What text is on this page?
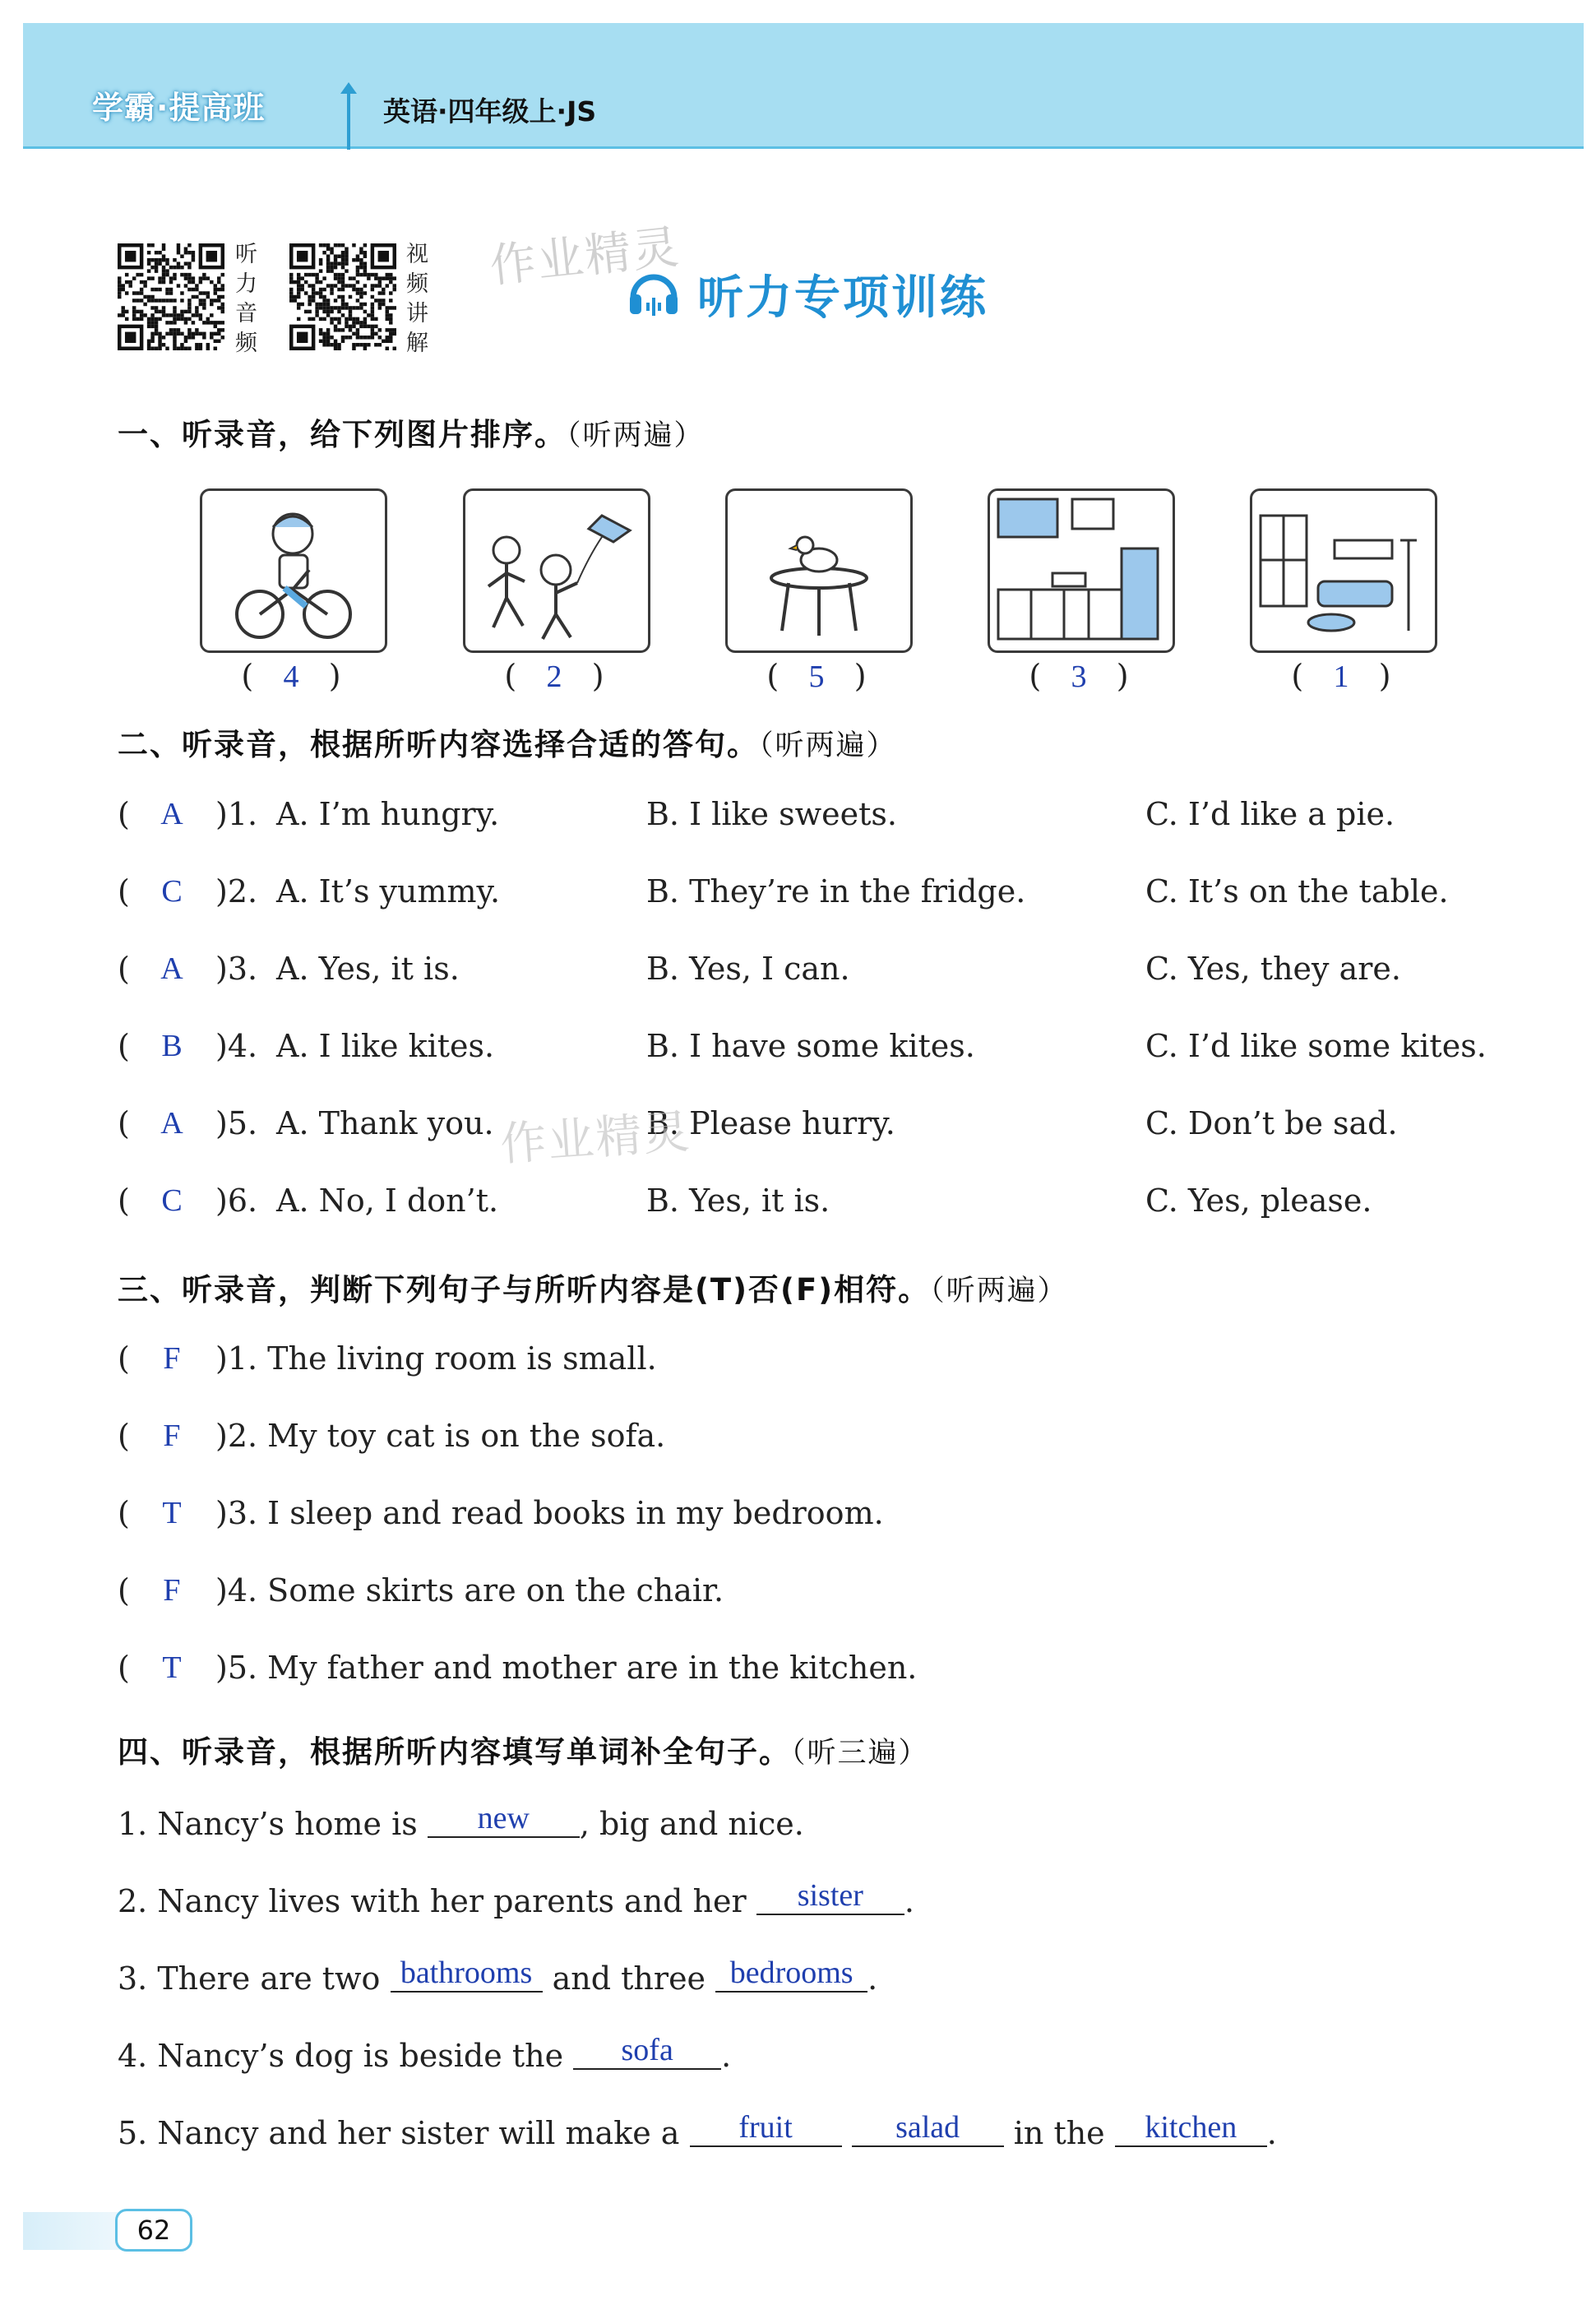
学霸·提高班	英语·四年级上·JS
听力音频
视频讲解
作业精灵
听力专项训练
一、听录音，给下列图片排序。（听两遍）
( 4 )	( 2 )	( 5 )	( 3 )	( 1 )
二、听录音，根据所听内容选择合适的答句。（听两遍）
( A )1. A. I’m hungry.	B. I like sweets.	C. I’d like a pie.
(	C	)2. A. It’s yummy.	B. They’re in the fridge.	C. It’s on the table.
( A )3. A. Yes, it is.	B. Yes, I can.	C. Yes, they are.
(	B	)4. A. I like kites.	B. I have some kites.	C. I’d like some kites.
( A )5. A. Thank you.	B. Please hurry.	C. Don’t be sad.
(	C	)6. A. No, I don’t.	B. Yes, it is.	C. Yes, please.
三、听录音，判断下列句子与所听内容是(T)否(F)相符。（听两遍）
(	F	)1. The living room is small.
(	F	)2. My toy cat is on the sofa.
(	T	)3. I sleep and read books in my bedroom.
(	F	)4. Some skirts are on the chair.
(	T	)5. My father and mother are in the kitchen.
作业精灵
四、听录音，根据所听内容填写单词补全句子。（听三遍）
1. Nancy’s home is new , big and nice.
2. Nancy lives with her parents and her sister .
3. There are two bathrooms and three bedrooms .
4. Nancy’s dog is beside the sofa .
5. Nancy and her sister will make a fruit	salad in the kitchen .
62
